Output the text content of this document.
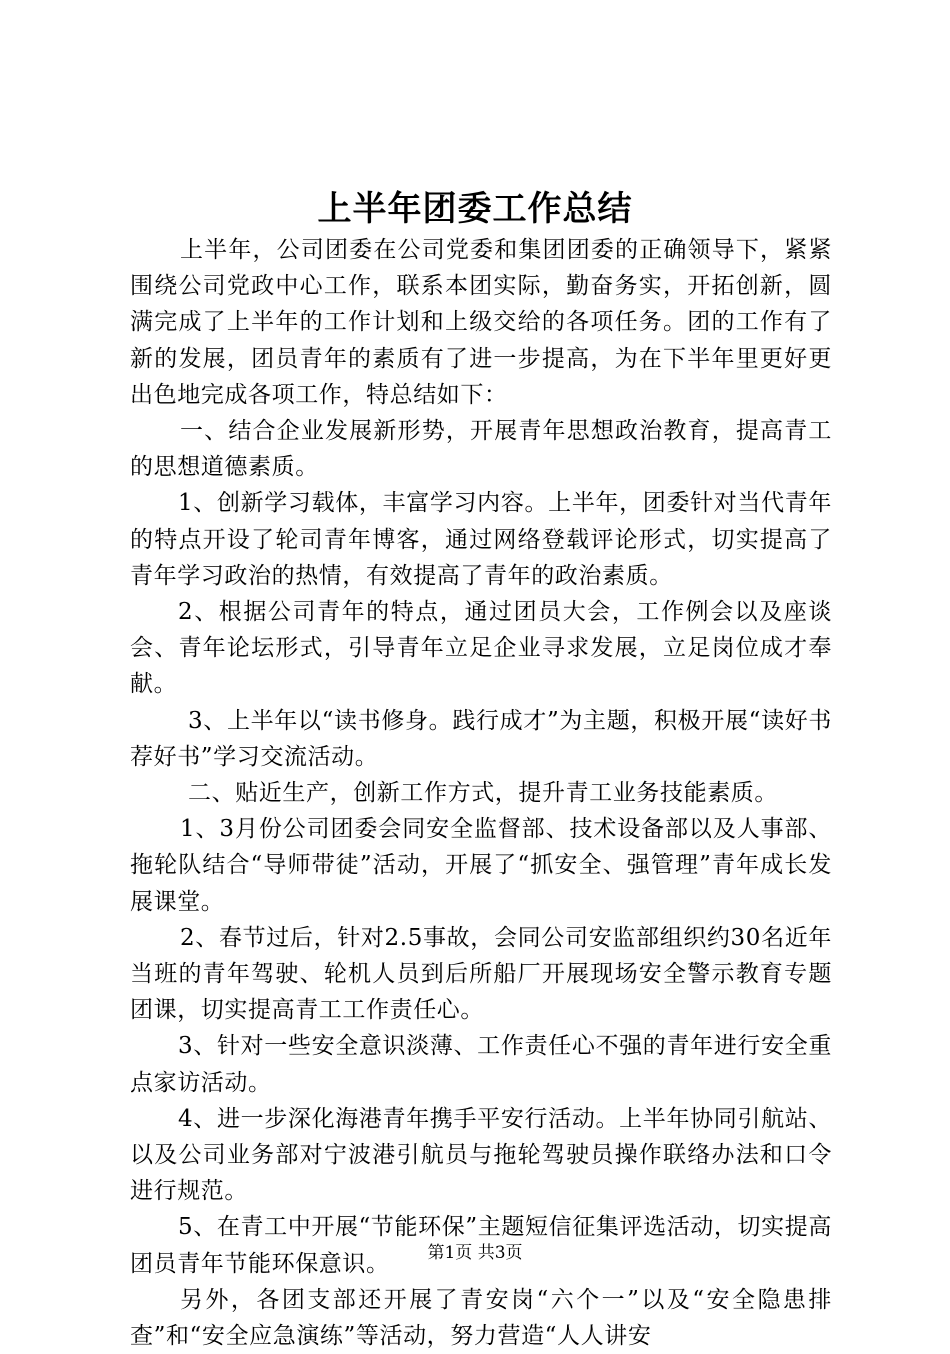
上半年团委工作总结

上半年，公司团委在公司党委和集团团委的正确领导下，紧紧围绕公司党政中心工作，联系本团实际，勤奋务实，开拓创新，圆满完成了上半年的工作计划和上级交给的各项任务。团的工作有了新的发展，团员青年的素质有了进一步提高，为在下半年里更好更出色地完成各项工作，特总结如下：

一、结合企业发展新形势，开展青年思想政治教育，提高青工的思想道德素质。

1、创新学习载体，丰富学习内容。上半年，团委针对当代青年的特点开设了轮司青年博客，通过网络登载评论形式，切实提高了青年学习政治的热情，有效提高了青年的政治素质。

2、根据公司青年的特点，通过团员大会，工作例会以及座谈会、青年论坛形式，引导青年立足企业寻求发展，立足岗位成才奉献。

3、上半年以“读书修身。践行成才”为主题，积极开展“读好书荐好书”学习交流活动。

二、贴近生产，创新工作方式，提升青工业务技能素质。

1、3月份公司团委会同安全监督部、技术设备部以及人事部、拖轮队结合“导师带徒”活动，开展了“抓安全、强管理”青年成长发展课堂。

2、春节过后，针对2.5事故，会同公司安监部组织约30名近年当班的青年驾驶、轮机人员到后所船厂开展现场安全警示教育专题团课，切实提高青工工作责任心。

3、针对一些安全意识淡薄、工作责任心不强的青年进行安全重点家访活动。

4、进一步深化海港青年携手平安行活动。上半年协同引航站、以及公司业务部对宁波港引航员与拖轮驾驶员操作联络办法和口令进行规范。

5、在青工中开展“节能环保”主题短信征集评选活动，切实提高团员青年节能环保意识。

另外，各团支部还开展了青安岗“六个一”以及“安全隐患排查”和“安全应急演练”等活动，努力营造“人人讲安

第1页 共3页
